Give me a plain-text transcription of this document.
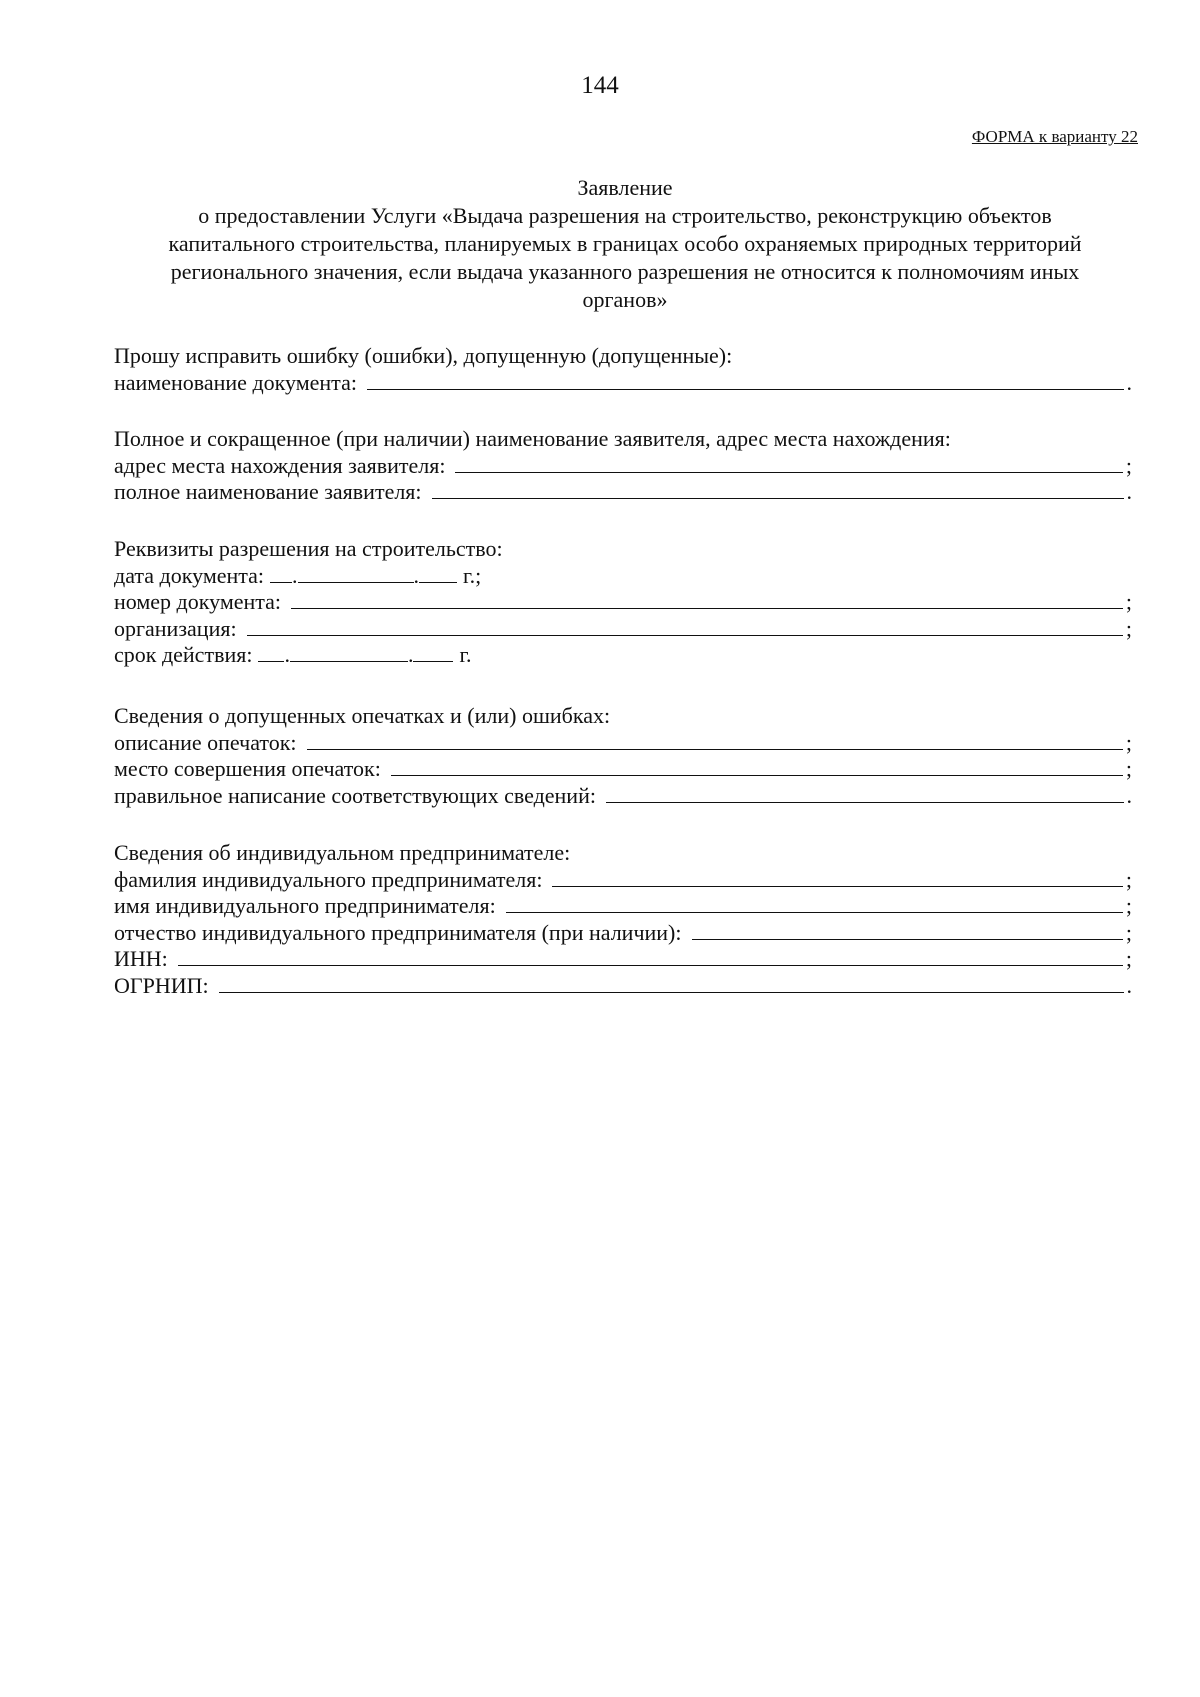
144
ФОРМА к варианту 22
Заявление
о предоставлении Услуги «Выдача разрешения на строительство, реконструкцию объектов
капитального строительства, планируемых в границах особо охраняемых природных территорий
регионального значения, если выдача указанного разрешения не относится к полномочиям иных
органов»
Прошу исправить ошибку (ошибки), допущенную (допущенные):
наименование документа:	.
Полное и сокращенное (при наличии) наименование заявителя, адрес места нахождения:
адрес места нахождения заявителя:	;
полное наименование заявителя:	.
Реквизиты разрешения на строительство:
дата документа: .	. г.;
номер документа:	;
организация:	;
срок действия: .	. г.
Сведения о допущенных опечатках и (или) ошибках:
описание опечаток:	;
место совершения опечаток:	;
правильное написание соответствующих сведений:	.
Сведения об индивидуальном предпринимателе:
фамилия индивидуального предпринимателя:	;
имя индивидуального предпринимателя:	;
отчество индивидуального предпринимателя (при наличии):	;
ИНН:	;
ОГРНИП:	.
